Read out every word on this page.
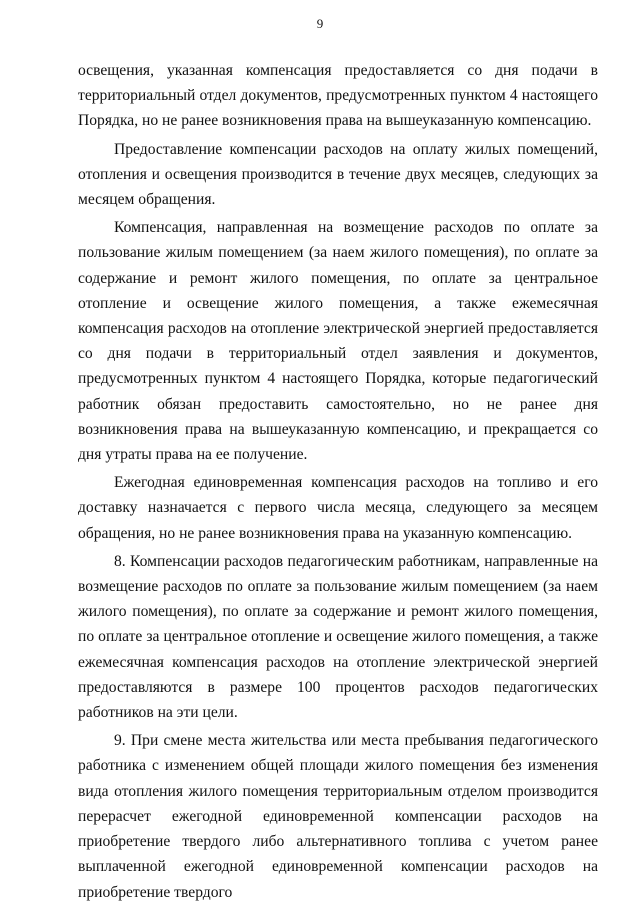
9

освещения, указанная компенсация предоставляется со дня подачи в территориальный отдел документов, предусмотренных пунктом 4 настоящего Порядка, но не ранее возникновения права на вышеуказанную компенсацию.

Предоставление компенсации расходов на оплату жилых помещений, отопления и освещения производится в течение двух месяцев, следующих за месяцем обращения.

Компенсация, направленная на возмещение расходов по оплате за пользование жилым помещением (за наем жилого помещения), по оплате за содержание и ремонт жилого помещения, по оплате за центральное отопление и освещение жилого помещения, а также ежемесячная компенсация расходов на отопление электрической энергией предоставляется со дня подачи в территориальный отдел заявления и документов, предусмотренных пунктом 4 настоящего Порядка, которые педагогический работник обязан предоставить самостоятельно, но не ранее дня возникновения права на вышеуказанную компенсацию, и прекращается со дня утраты права на ее получение.

Ежегодная единовременная компенсация расходов на топливо и его доставку назначается с первого числа месяца, следующего за месяцем обращения, но не ранее возникновения права на указанную компенсацию.

8. Компенсации расходов педагогическим работникам, направленные на возмещение расходов по оплате за пользование жилым помещением (за наем жилого помещения), по оплате за содержание и ремонт жилого помещения, по оплате за центральное отопление и освещение жилого помещения, а также ежемесячная компенсация расходов на отопление электрической энергией предоставляются в размере 100 процентов расходов педагогических работников на эти цели.

9. При смене места жительства или места пребывания педагогического работника с изменением общей площади жилого помещения без изменения вида отопления жилого помещения территориальным отделом производится перерасчет ежегодной единовременной компенсации расходов на приобретение твердого либо альтернативного топлива с учетом ранее выплаченной ежегодной единовременной компенсации расходов на приобретение твердого
